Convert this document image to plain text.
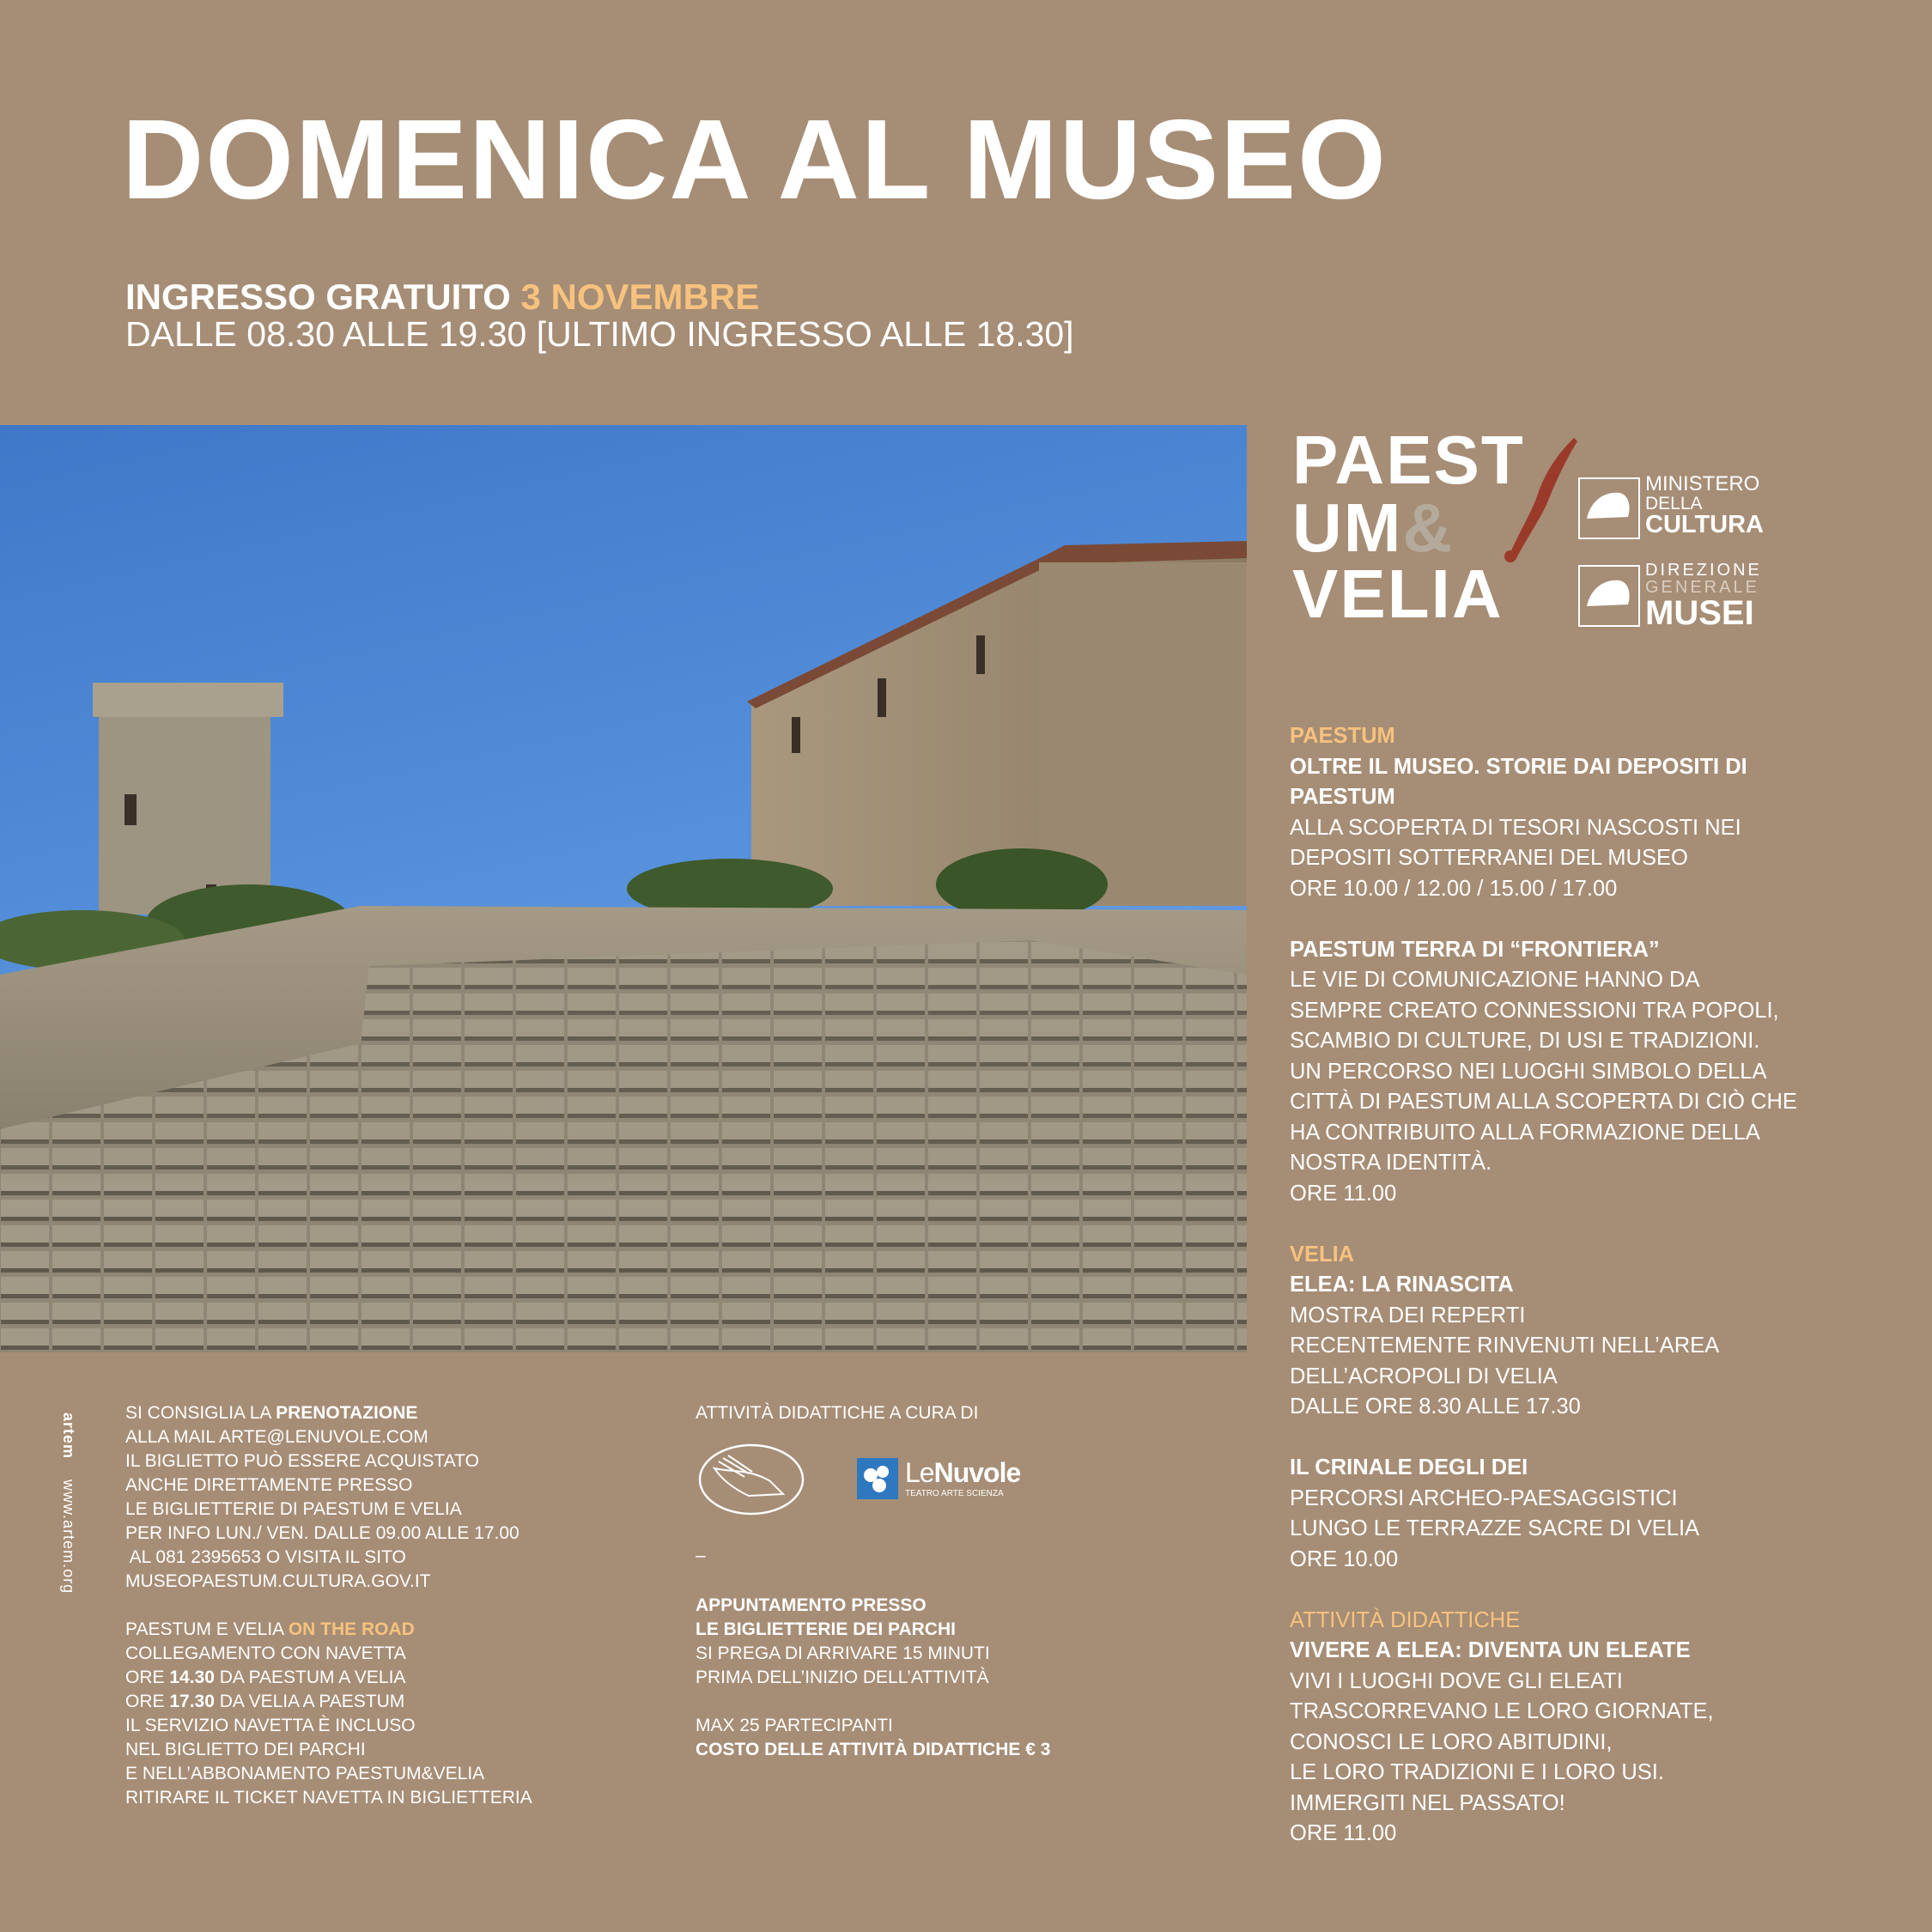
DOMENICA AL MUSEO
INGRESSO GRATUITO 3 NOVEMBRE
DALLE 08.30 ALLE 19.30 [ULTIMO INGRESSO ALLE 18.30]
PAEST
UM&
VELIA
MiC
MINISTERO
DELLA
CULTURA
MiC
DIREZIONE
GENERALE
MUSEI

PAESTUM

OLTRE IL MUSEO. STORIE DAI DEPOSITI DI

PAESTUM

ALLA SCOPERTA DI TESORI NASCOSTI NEI

DEPOSITI SOTTERRANEI DEL MUSEO

ORE 10.00 / 12.00 / 15.00 / 17.00

PAESTUM TERRA DI “FRONTIERA”

LE VIE DI COMUNICAZIONE HANNO DA

SEMPRE CREATO CONNESSIONI TRA POPOLI,

SCAMBIO DI CULTURE, DI USI E TRADIZIONI.

UN PERCORSO NEI LUOGHI SIMBOLO DELLA

CITTÀ DI PAESTUM ALLA SCOPERTA DI CIÒ CHE

HA CONTRIBUITO ALLA FORMAZIONE DELLA

NOSTRA IDENTITÀ.

ORE 11.00

VELIA

ELEA: LA RINASCITA

MOSTRA DEI REPERTI

RECENTEMENTE RINVENUTI NELL’AREA

DELL’ACROPOLI DI VELIA

DALLE ORE 8.30 ALLE 17.30

IL CRINALE DEGLI DEI

PERCORSI ARCHEO-PAESAGGISTICI

LUNGO LE TERRAZZE SACRE DI VELIA

ORE 10.00

ATTIVITÀ DIDATTICHE

VIVERE A ELEA: DIVENTA UN ELEATE

VIVI I LUOGHI DOVE GLI ELEATI

TRASCORREVANO LE LORO GIORNATE,

CONOSCI LE LORO ABITUDINI,

LE LORO TRADIZIONI E I LORO USI.

IMMERGITI NEL PASSATO!

ORE 11.00

artem    www.artem.org

SI CONSIGLIA LA PRENOTAZIONE

ALLA MAIL ARTE@LENUVOLE.COM

IL BIGLIETTO PUÒ ESSERE ACQUISTATO

ANCHE DIRETTAMENTE PRESSO

LE BIGLIETTERIE DI PAESTUM E VELIA

PER INFO LUN./ VEN. DALLE 09.00 ALLE 17.00

AL 081 2395653 O VISITA IL SITO

MUSEOPAESTUM.CULTURA.GOV.IT

PAESTUM E VELIA ON THE ROAD

COLLEGAMENTO CON NAVETTA

ORE 14.30 DA PAESTUM A VELIA

ORE 17.30 DA VELIA A PAESTUM

IL SERVIZIO NAVETTA È INCLUSO

NEL BIGLIETTO DEI PARCHI

E NELL’ABBONAMENTO PAESTUM&VELIA

RITIRARE IL TICKET NAVETTA IN BIGLIETTERIA

ATTIVITÀ DIDATTICHE A CURA DI
LeNuvole
TEATRO ARTE SCIENZA
–

APPUNTAMENTO PRESSO

LE BIGLIETTERIE DEI PARCHI

SI PREGA DI ARRIVARE 15 MINUTI

PRIMA DELL’INIZIO DELL’ATTIVITÀ

MAX 25 PARTECIPANTI

COSTO DELLE ATTIVITÀ DIDATTICHE € 3
